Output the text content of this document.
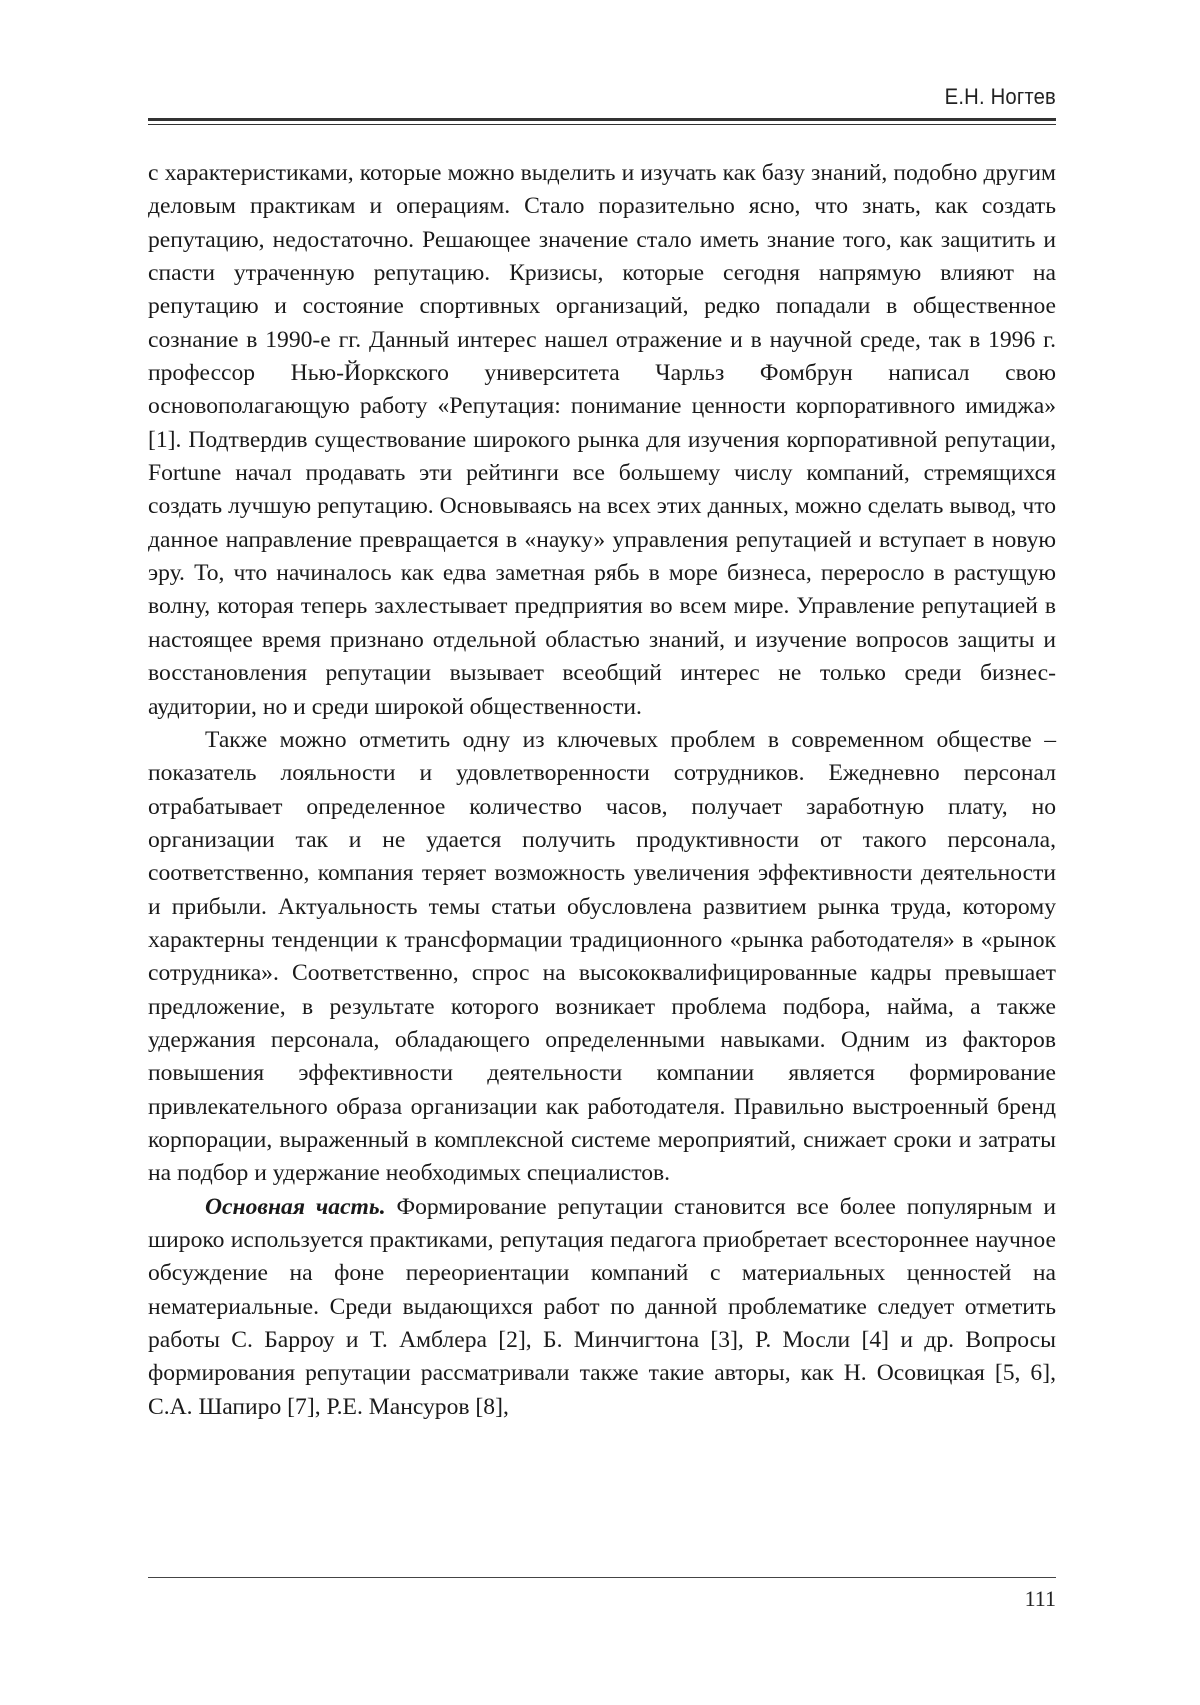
Е.Н. Ногтев

с характеристиками, которые можно выделить и изучать как базу знаний, подобно другим деловым практикам и операциям. Стало поразительно ясно, что знать, как создать репутацию, недостаточно. Решающее значение стало иметь знание того, как защитить и спасти утраченную репутацию. Кризисы, которые сегодня напрямую влияют на репутацию и состояние спортивных организаций, редко попадали в общественное сознание в 1990-е гг. Данный интерес нашел отражение и в научной среде, так в 1996 г. профессор Нью-Йоркского университета Чарльз Фомбрун написал свою основополагающую работу «Репутация: понимание ценности корпоративного имиджа» [1]. Подтвердив существование широкого рынка для изучения корпоративной репутации, Fortune начал продавать эти рейтинги все большему числу компаний, стремящихся создать лучшую репутацию. Основываясь на всех этих данных, можно сделать вывод, что данное направление превращается в «науку» управления репутацией и вступает в новую эру. То, что начиналось как едва заметная рябь в море бизнеса, переросло в растущую волну, которая теперь захлестывает предприятия во всем мире. Управление репутацией в настоящее время признано отдельной областью знаний, и изучение вопросов защиты и восстановления репутации вызывает всеобщий интерес не только среди бизнес-аудитории, но и среди широкой общественности.

Также можно отметить одну из ключевых проблем в современном обществе – показатель лояльности и удовлетворенности сотрудников. Ежедневно персонал отрабатывает определенное количество часов, получает заработную плату, но организации так и не удается получить продуктивности от такого персонала, соответственно, компания теряет возможность увеличения эффективности деятельности и прибыли. Актуальность темы статьи обусловлена развитием рынка труда, которому характерны тенденции к трансформации традиционного «рынка работодателя» в «рынок сотрудника». Соответственно, спрос на высококвалифицированные кадры превышает предложение, в результате которого возникает проблема подбора, найма, а также удержания персонала, обладающего определенными навыками. Одним из факторов повышения эффективности деятельности компании является формирование привлекательного образа организации как работодателя. Правильно выстроенный бренд корпорации, выраженный в комплексной системе мероприятий, снижает сроки и затраты на подбор и удержание необходимых специалистов.

Основная часть. Формирование репутации становится все более популярным и широко используется практиками, репутация педагога приобретает всестороннее научное обсуждение на фоне переориентации компаний с материальных ценностей на нематериальные. Среди выдающихся работ по данной проблематике следует отметить работы С. Барроу и Т. Амблера [2], Б. Минчигтона [3], Р. Мосли [4] и др. Вопросы формирования репутации рассматривали также такие авторы, как Н. Осовицкая [5, 6], С.А. Шапиро [7], Р.Е. Мансуров [8],

111
